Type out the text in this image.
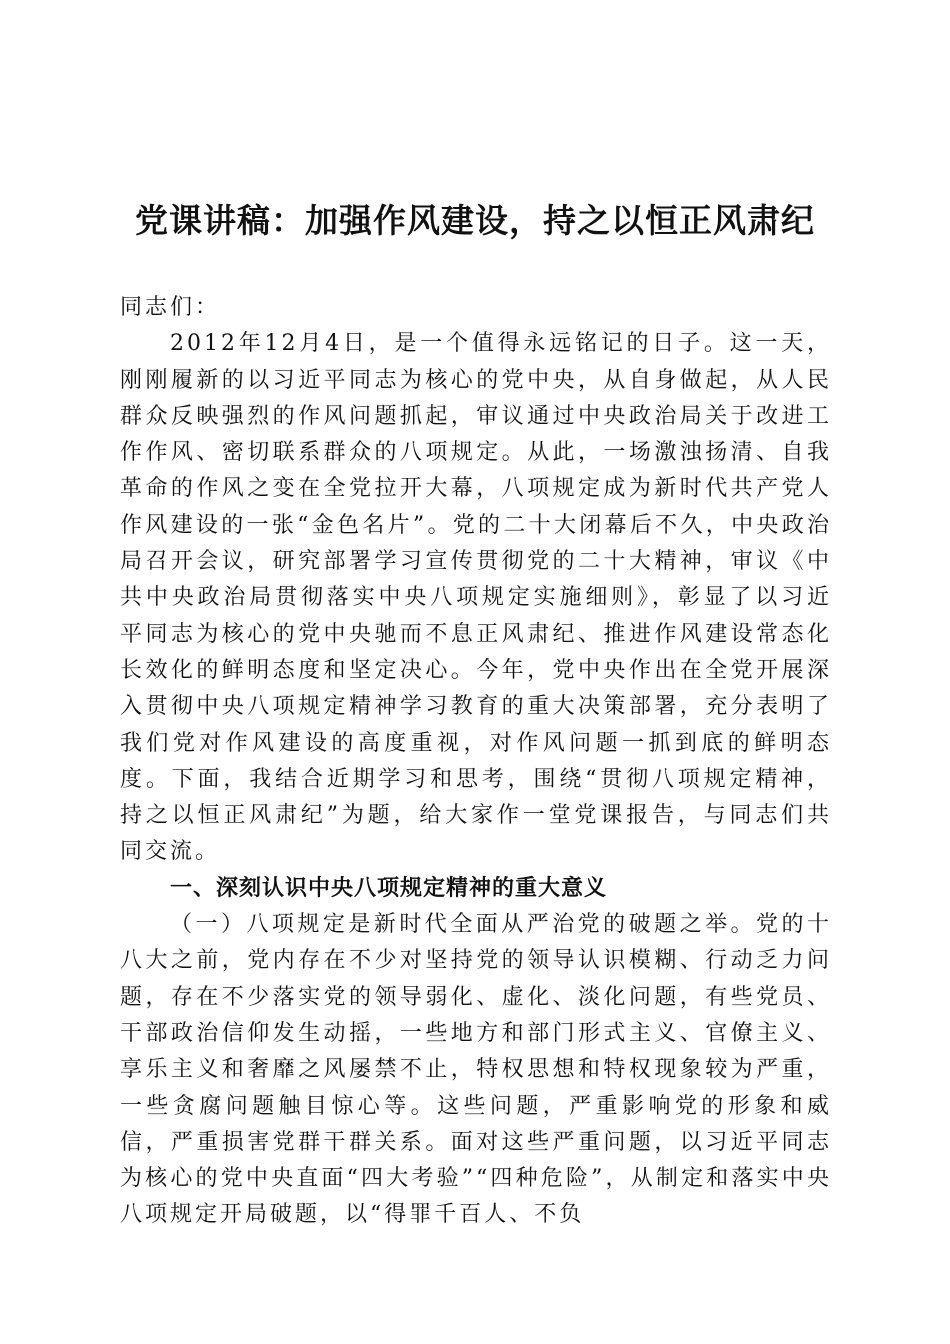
党课讲稿：加强作风建设，持之以恒正风肃纪

同志们：

2012年12月4日，是一个值得永远铭记的日子。这一天，刚刚履新的以习近平同志为核心的党中央，从自身做起，从人民群众反映强烈的作风问题抓起，审议通过中央政治局关于改进工作作风、密切联系群众的八项规定。从此，一场激浊扬清、自我革命的作风之变在全党拉开大幕，八项规定成为新时代共产党人作风建设的一张“金色名片”。党的二十大闭幕后不久，中央政治局召开会议，研究部署学习宣传贯彻党的二十大精神，审议《中共中央政治局贯彻落实中央八项规定实施细则》，彰显了以习近平同志为核心的党中央驰而不息正风肃纪、推进作风建设常态化长效化的鲜明态度和坚定决心。今年，党中央作出在全党开展深入贯彻中央八项规定精神学习教育的重大决策部署，充分表明了我们党对作风建设的高度重视，对作风问题一抓到底的鲜明态度。下面，我结合近期学习和思考，围绕“贯彻八项规定精神，持之以恒正风肃纪”为题，给大家作一堂党课报告，与同志们共同交流。

一、深刻认识中央八项规定精神的重大意义

（一）八项规定是新时代全面从严治党的破题之举。党的十八大之前，党内存在不少对坚持党的领导认识模糊、行动乏力问题，存在不少落实党的领导弱化、虚化、淡化问题，有些党员、干部政治信仰发生动摇，一些地方和部门形式主义、官僚主义、享乐主义和奢靡之风屡禁不止，特权思想和特权现象较为严重，一些贪腐问题触目惊心等。这些问题，严重影响党的形象和威信，严重损害党群干群关系。面对这些严重问题，以习近平同志为核心的党中央直面“四大考验”“四种危险”，从制定和落实中央八项规定开局破题，以“得罪千百人、不负
